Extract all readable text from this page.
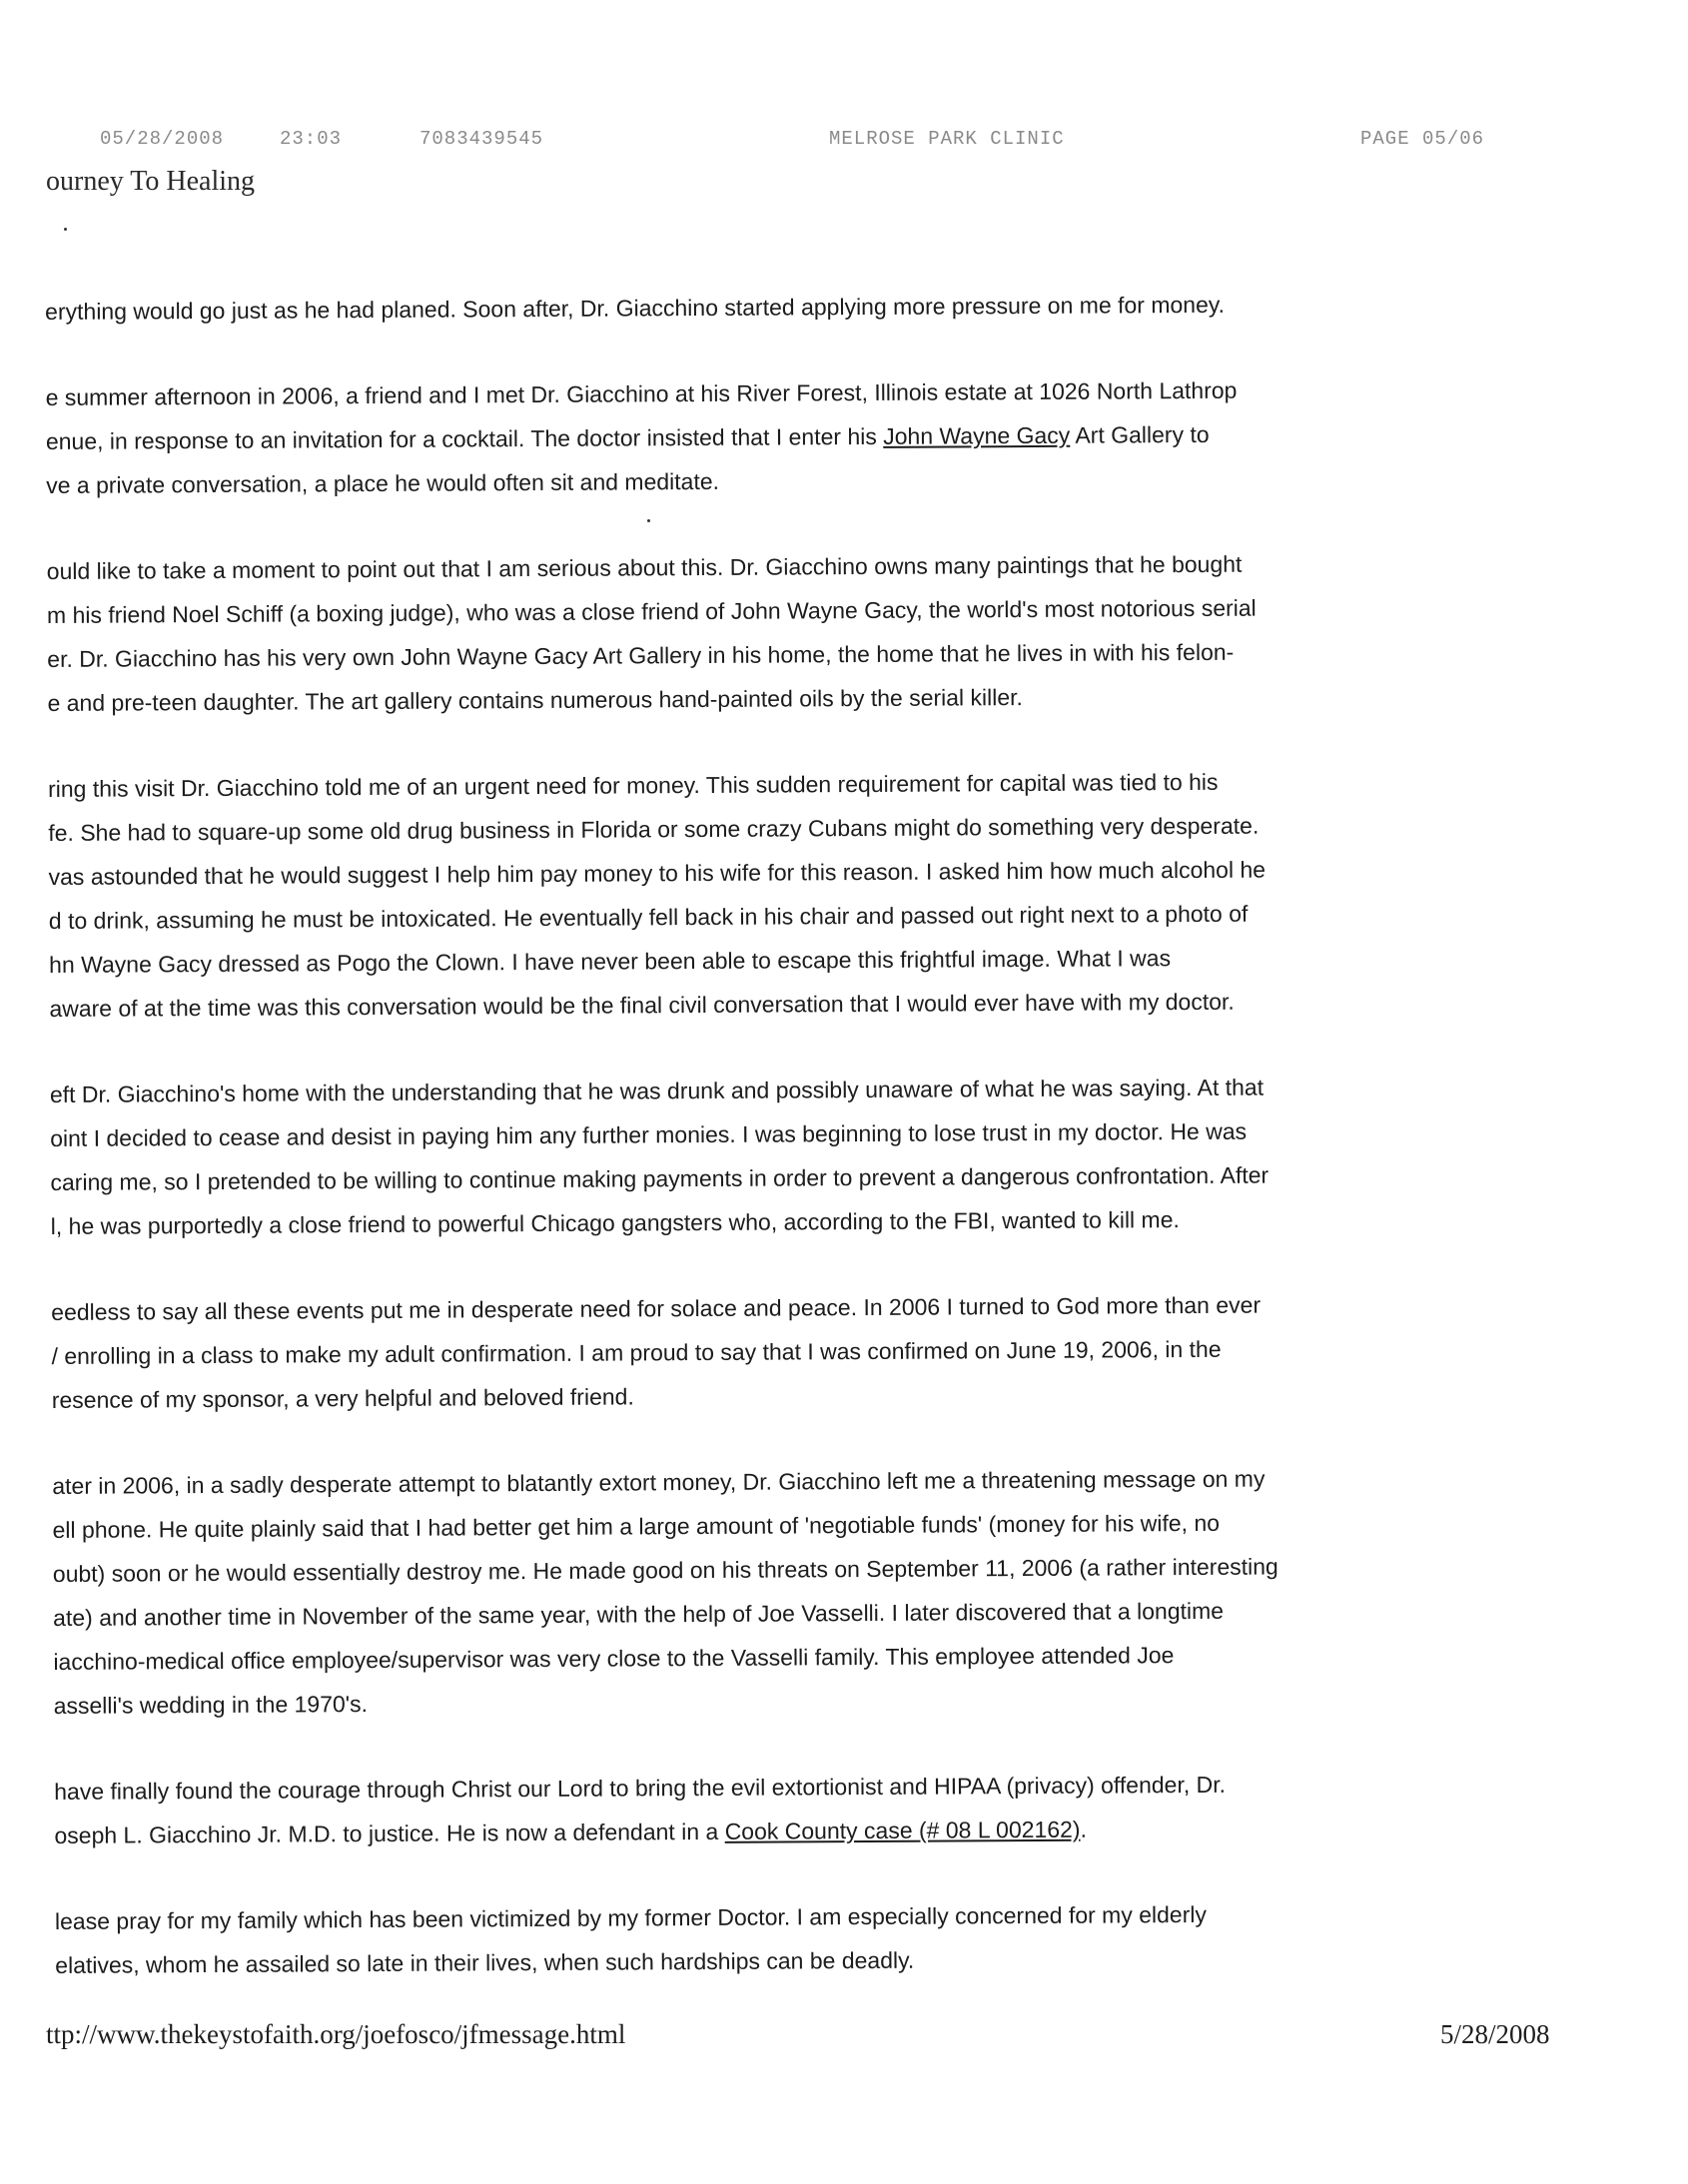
05/28/2008	23:03	7083439545	MELROSE PARK CLINIC	PAGE 05/06
ourney To Healing
erything would go just as he had planed. Soon after, Dr. Giacchino started applying more pressure on me for money.
e summer afternoon in 2006, a friend and I met Dr. Giacchino at his River Forest, Illinois estate at 1026 North Lathrop
enue, in response to an invitation for a cocktail. The doctor insisted that I enter his John Wayne Gacy Art Gallery to
ve a private conversation, a place he would often sit and meditate.
ould like to take a moment to point out that I am serious about this. Dr. Giacchino owns many paintings that he bought
m his friend Noel Schiff (a boxing judge), who was a close friend of John Wayne Gacy, the world's most notorious serial
er. Dr. Giacchino has his very own John Wayne Gacy Art Gallery in his home, the home that he lives in with his felon-
e and pre-teen daughter. The art gallery contains numerous hand-painted oils by the serial killer.
ring this visit Dr. Giacchino told me of an urgent need for money. This sudden requirement for capital was tied to his
fe. She had to square-up some old drug business in Florida or some crazy Cubans might do something very desperate.
vas astounded that he would suggest I help him pay money to his wife for this reason. I asked him how much alcohol he
d to drink, assuming he must be intoxicated. He eventually fell back in his chair and passed out right next to a photo of
hn Wayne Gacy dressed as Pogo the Clown. I have never been able to escape this frightful image. What I was
aware of at the time was this conversation would be the final civil conversation that I would ever have with my doctor.
eft Dr. Giacchino's home with the understanding that he was drunk and possibly unaware of what he was saying. At that
oint I decided to cease and desist in paying him any further monies. I was beginning to lose trust in my doctor. He was
caring me, so I pretended to be willing to continue making payments in order to prevent a dangerous confrontation. After
l, he was purportedly a close friend to powerful Chicago gangsters who, according to the FBI, wanted to kill me.
eedless to say all these events put me in desperate need for solace and peace. In 2006 I turned to God more than ever
/ enrolling in a class to make my adult confirmation. I am proud to say that I was confirmed on June 19, 2006, in the
resence of my sponsor, a very helpful and beloved friend.
ater in 2006, in a sadly desperate attempt to blatantly extort money, Dr. Giacchino left me a threatening message on my
ell phone. He quite plainly said that I had better get him a large amount of 'negotiable funds' (money for his wife, no
oubt) soon or he would essentially destroy me. He made good on his threats on September 11, 2006 (a rather interesting
ate) and another time in November of the same year, with the help of Joe Vasselli. I later discovered that a longtime
iacchino-medical office employee/supervisor was very close to the Vasselli family. This employee attended Joe
asselli's wedding in the 1970's.
have finally found the courage through Christ our Lord to bring the evil extortionist and HIPAA (privacy) offender, Dr.
oseph L. Giacchino Jr. M.D. to justice. He is now a defendant in a Cook County case (# 08 L 002162).
lease pray for my family which has been victimized by my former Doctor. I am especially concerned for my elderly
elatives, whom he assailed so late in their lives, when such hardships can be deadly.
ttp://www.thekeystofaith.org/joefosco/jfmessage.html	5/28/2008
